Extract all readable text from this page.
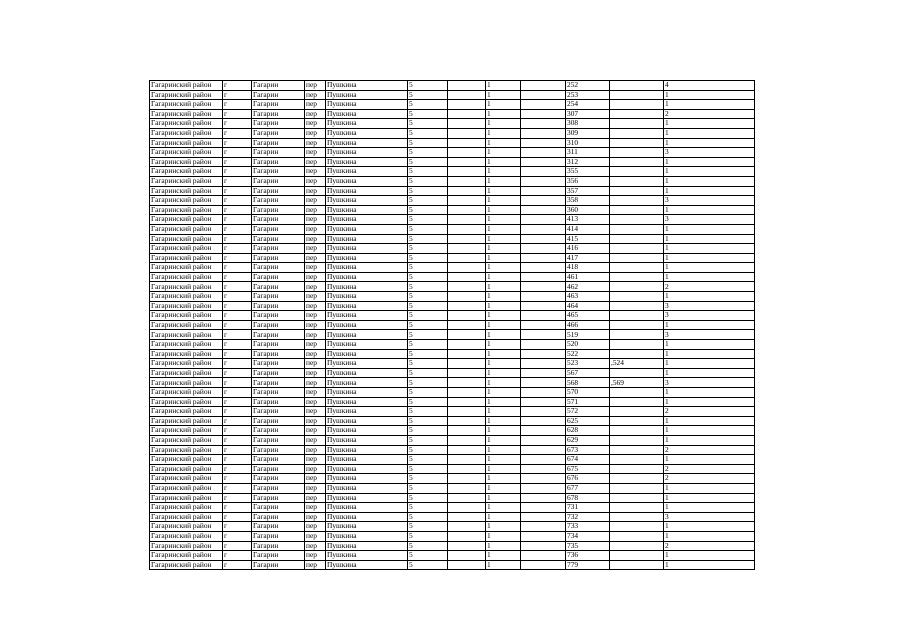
Гагаринский район	г	Гагарин	пер	Пушкина	5		1		252		4
Гагаринский район	г	Гагарин	пер	Пушкина	5		1		253		1
Гагаринский район	г	Гагарин	пер	Пушкина	5		1		254		1
Гагаринский район	г	Гагарин	пер	Пушкина	5		1		307		2
Гагаринский район	г	Гагарин	пер	Пушкина	5		1		308		1
Гагаринский район	г	Гагарин	пер	Пушкина	5		1		309		1
Гагаринский район	г	Гагарин	пер	Пушкина	5		1		310		1
Гагаринский район	г	Гагарин	пер	Пушкина	5		1		311		3
Гагаринский район	г	Гагарин	пер	Пушкина	5		1		312		1
Гагаринский район	г	Гагарин	пер	Пушкина	5		1		355		1
Гагаринский район	г	Гагарин	пер	Пушкина	5		1		356		1
Гагаринский район	г	Гагарин	пер	Пушкина	5		1		357		1
Гагаринский район	г	Гагарин	пер	Пушкина	5		1		358		3
Гагаринский район	г	Гагарин	пер	Пушкина	5		1		360		1
Гагаринский район	г	Гагарин	пер	Пушкина	5		1		413		3
Гагаринский район	г	Гагарин	пер	Пушкина	5		1		414		1
Гагаринский район	г	Гагарин	пер	Пушкина	5		1		415		1
Гагаринский район	г	Гагарин	пер	Пушкина	5		1		416		1
Гагаринский район	г	Гагарин	пер	Пушкина	5		1		417		1
Гагаринский район	г	Гагарин	пер	Пушкина	5		1		418		1
Гагаринский район	г	Гагарин	пер	Пушкина	5		1		461		1
Гагаринский район	г	Гагарин	пер	Пушкина	5		1		462		2
Гагаринский район	г	Гагарин	пер	Пушкина	5		1		463		1
Гагаринский район	г	Гагарин	пер	Пушкина	5		1		464		3
Гагаринский район	г	Гагарин	пер	Пушкина	5		1		465		3
Гагаринский район	г	Гагарин	пер	Пушкина	5		1		466		1
Гагаринский район	г	Гагарин	пер	Пушкина	5		1		519		3
Гагаринский район	г	Гагарин	пер	Пушкина	5		1		520		1
Гагаринский район	г	Гагарин	пер	Пушкина	5		1		522		1
Гагаринский район	г	Гагарин	пер	Пушкина	5		1		523	,524	1
Гагаринский район	г	Гагарин	пер	Пушкина	5		1		567		1
Гагаринский район	г	Гагарин	пер	Пушкина	5		1		568	,569	3
Гагаринский район	г	Гагарин	пер	Пушкина	5		1		570		1
Гагаринский район	г	Гагарин	пер	Пушкина	5		1		571		1
Гагаринский район	г	Гагарин	пер	Пушкина	5		1		572		2
Гагаринский район	г	Гагарин	пер	Пушкина	5		1		625		1
Гагаринский район	г	Гагарин	пер	Пушкина	5		1		628		1
Гагаринский район	г	Гагарин	пер	Пушкина	5		1		629		1
Гагаринский район	г	Гагарин	пер	Пушкина	5		1		673		2
Гагаринский район	г	Гагарин	пер	Пушкина	5		1		674		1
Гагаринский район	г	Гагарин	пер	Пушкина	5		1		675		2
Гагаринский район	г	Гагарин	пер	Пушкина	5		1		676		2
Гагаринский район	г	Гагарин	пер	Пушкина	5		1		677		1
Гагаринский район	г	Гагарин	пер	Пушкина	5		1		678		1
Гагаринский район	г	Гагарин	пер	Пушкина	5		1		731		1
Гагаринский район	г	Гагарин	пер	Пушкина	5		1		732		3
Гагаринский район	г	Гагарин	пер	Пушкина	5		1		733		1
Гагаринский район	г	Гагарин	пер	Пушкина	5		1		734		1
Гагаринский район	г	Гагарин	пер	Пушкина	5		1		735		2
Гагаринский район	г	Гагарин	пер	Пушкина	5		1		736		1
Гагаринский район	г	Гагарин	пер	Пушкина	5		1		779		1
